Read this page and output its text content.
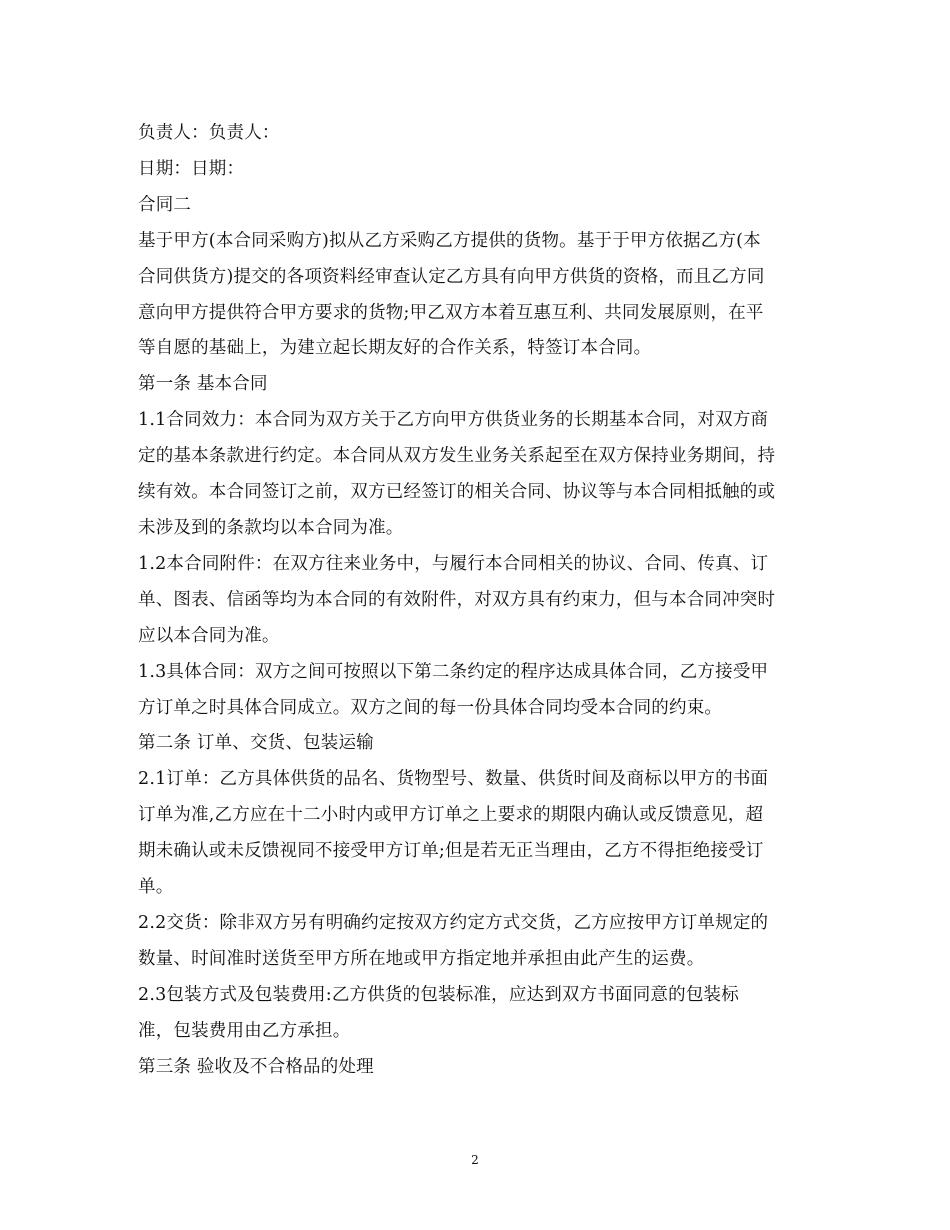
负责人：负责人：
日期：日期：
合同二
基于甲方(本合同采购方)拟从乙方采购乙方提供的货物。基于于甲方依据乙方(本
合同供货方)提交的各项资料经审查认定乙方具有向甲方供货的资格，而且乙方同
意向甲方提供符合甲方要求的货物;甲乙双方本着互惠互利、共同发展原则，在平
等自愿的基础上，为建立起长期友好的合作关系，特签订本合同。
第一条 基本合同
1.1合同效力：本合同为双方关于乙方向甲方供货业务的长期基本合同，对双方商
定的基本条款进行约定。本合同从双方发生业务关系起至在双方保持业务期间，持
续有效。本合同签订之前，双方已经签订的相关合同、协议等与本合同相抵触的或
未涉及到的条款均以本合同为准。
1.2本合同附件：在双方往来业务中，与履行本合同相关的协议、合同、传真、订
单、图表、信函等均为本合同的有效附件，对双方具有约束力，但与本合同冲突时
应以本合同为准。
1.3具体合同：双方之间可按照以下第二条约定的程序达成具体合同，乙方接受甲
方订单之时具体合同成立。双方之间的每一份具体合同均受本合同的约束。
第二条 订单、交货、包装运输
2.1订单：乙方具体供货的品名、货物型号、数量、供货时间及商标以甲方的书面
订单为准,乙方应在十二小时内或甲方订单之上要求的期限内确认或反馈意见，超
期未确认或未反馈视同不接受甲方订单;但是若无正当理由，乙方不得拒绝接受订
单。
2.2交货：除非双方另有明确约定按双方约定方式交货，乙方应按甲方订单规定的
数量、时间准时送货至甲方所在地或甲方指定地并承担由此产生的运费。
2.3包装方式及包装费用:乙方供货的包装标准，应达到双方书面同意的包装标
准，包装费用由乙方承担。
第三条 验收及不合格品的处理
2
